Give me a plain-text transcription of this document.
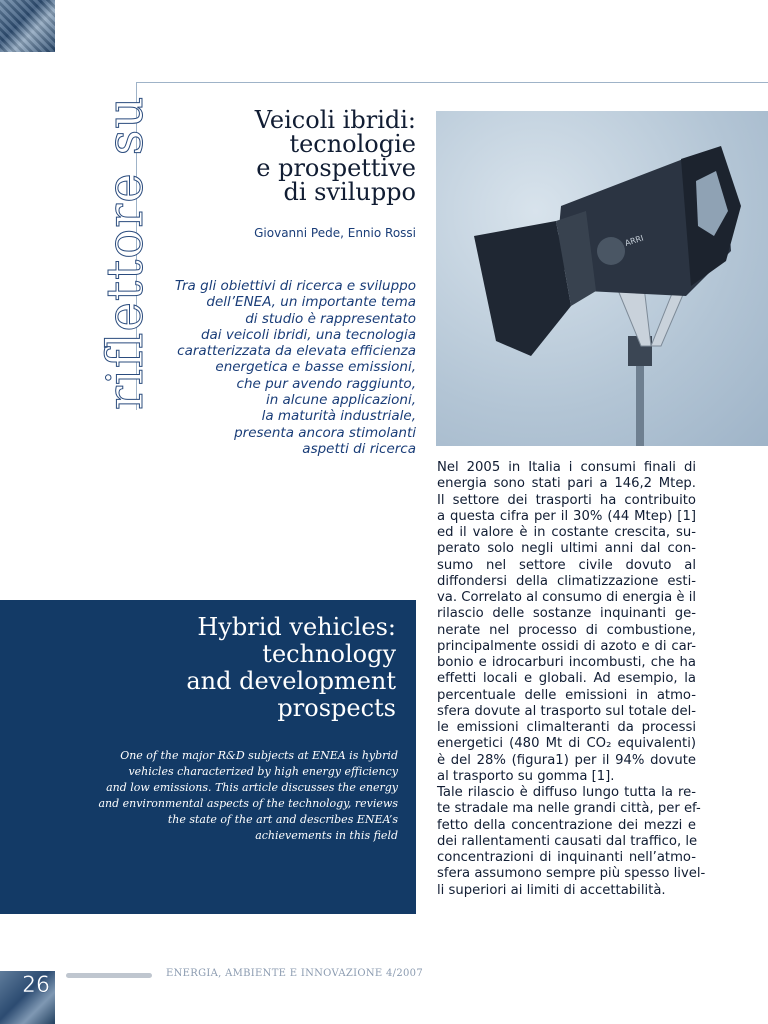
riflettore su	Veicoli ibridi:
tecnologie
e prospettive
di sviluppo
Giovanni Pede, Ennio Rossi
Tra gli obiettivi di ricerca e sviluppo
dell’ENEA, un importante tema
di studio è rappresentato
dai veicoli ibridi, una tecnologia
caratterizzata da elevata efficienza
energetica e basse emissioni,
che pur avendo raggiunto,
in alcune applicazioni,
la maturità industriale,
presenta ancora stimolanti
aspetti di ricerca
ARRI
Nel 2005 in Italia i consumi finali di
energia sono stati pari a 146,2 Mtep.
Il settore dei trasporti ha contribuito
a questa cifra per il 30% (44 Mtep) [1]
ed il valore è in costante crescita, su-
perato solo negli ultimi anni dal con-
sumo nel settore civile dovuto al
diffondersi della climatizzazione esti-
va. Correlato al consumo di energia è il
rilascio delle sostanze inquinanti ge-
nerate nel processo di combustione,
principalmente ossidi di azoto e di car-
bonio e idrocarburi incombusti, che ha
effetti locali e globali. Ad esempio, la
percentuale delle emissioni in atmo-
sfera dovute al trasporto sul totale del-
le emissioni climalteranti da processi
energetici (480 Mt di CO₂ equivalenti)
è del 28% (figura1) per il 94% dovute
al trasporto su gomma [1].
Tale rilascio è diffuso lungo tutta la re-
te stradale ma nelle grandi città, per ef-
fetto della concentrazione dei mezzi e
dei rallentamenti causati dal traffico, le
concentrazioni di inquinanti nell’atmo-
sfera assumono sempre più spesso livel-
li superiori ai limiti di accettabilità.
Hybrid vehicles:
technology
and development prospects
One of the major R&D subjects at ENEA is hybrid
vehicles characterized by high energy efficiency
and low emissions. This article discusses the energy
and environmental aspects of the technology, reviews
the state of the art and describes ENEA’s
achievements in this field
26	ENERGIA, AMBIENTE E INNOVAZIONE 4/2007
